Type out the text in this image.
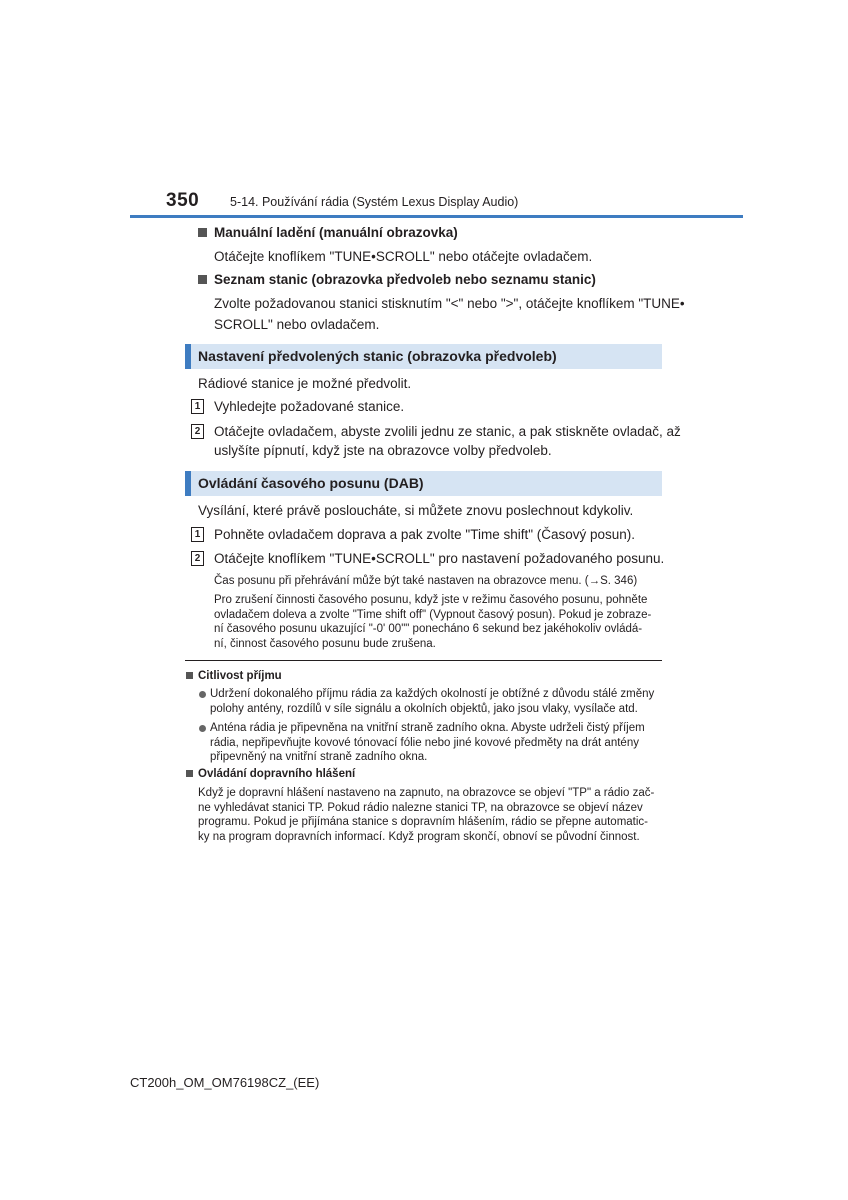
350 5-14. Používání rádia (Systém Lexus Display Audio)
Manuální ladění (manuální obrazovka)
Otáčejte knoflíkem "TUNE•SCROLL" nebo otáčejte ovladačem.
Seznam stanic (obrazovka předvoleb nebo seznamu stanic)
Zvolte požadovanou stanici stisknutím "<" nebo ">", otáčejte knoflíkem "TUNE•
SCROLL" nebo ovladačem.
Nastavení předvolených stanic (obrazovka předvoleb)
Rádiové stanice je možné předvolit.
1 Vyhledejte požadované stanice.
2 Otáčejte ovladačem, abyste zvolili jednu ze stanic, a pak stiskněte ovladač, až
uslyšíte pípnutí, když jste na obrazovce volby předvoleb.
Ovládání časového posunu (DAB)
Vysílání, které právě posloucháte, si můžete znovu poslechnout kdykoliv.
1 Pohněte ovladačem doprava a pak zvolte "Time shift" (Časový posun).
2 Otáčejte knoflíkem "TUNE•SCROLL" pro nastavení požadovaného posunu.
Čas posunu při přehrávání může být také nastaven na obrazovce menu. (→S. 346)
Pro zrušení činnosti časového posunu, když jste v režimu časového posunu, pohněte
ovladačem doleva a zvolte "Time shift off" (Vypnout časový posun). Pokud je zobraze-
ní časového posunu ukazující "-0' 00"" ponecháno 6 sekund bez jakéhokoliv ovládá-
ní, činnost časového posunu bude zrušena.
Citlivost příjmu
Udržení dokonalého příjmu rádia za každých okolností je obtížné z důvodu stálé změny
polohy antény, rozdílů v síle signálu a okolních objektů, jako jsou vlaky, vysílače atd.
Anténa rádia je připevněna na vnitřní straně zadního okna. Abyste udrželi čistý příjem
rádia, nepřipevňujte kovové tónovací fólie nebo jiné kovové předměty na drát antény
připevněný na vnitřní straně zadního okna.
Ovládání dopravního hlášení
Když je dopravní hlášení nastaveno na zapnuto, na obrazovce se objeví "TP" a rádio zač-
ne vyhledávat stanici TP. Pokud rádio nalezne stanici TP, na obrazovce se objeví název
programu. Pokud je přijímána stanice s dopravním hlášením, rádio se přepne automatic-
ky na program dopravních informací. Když program skončí, obnoví se původní činnost.
CT200h_OM_OM76198CZ_(EE)
